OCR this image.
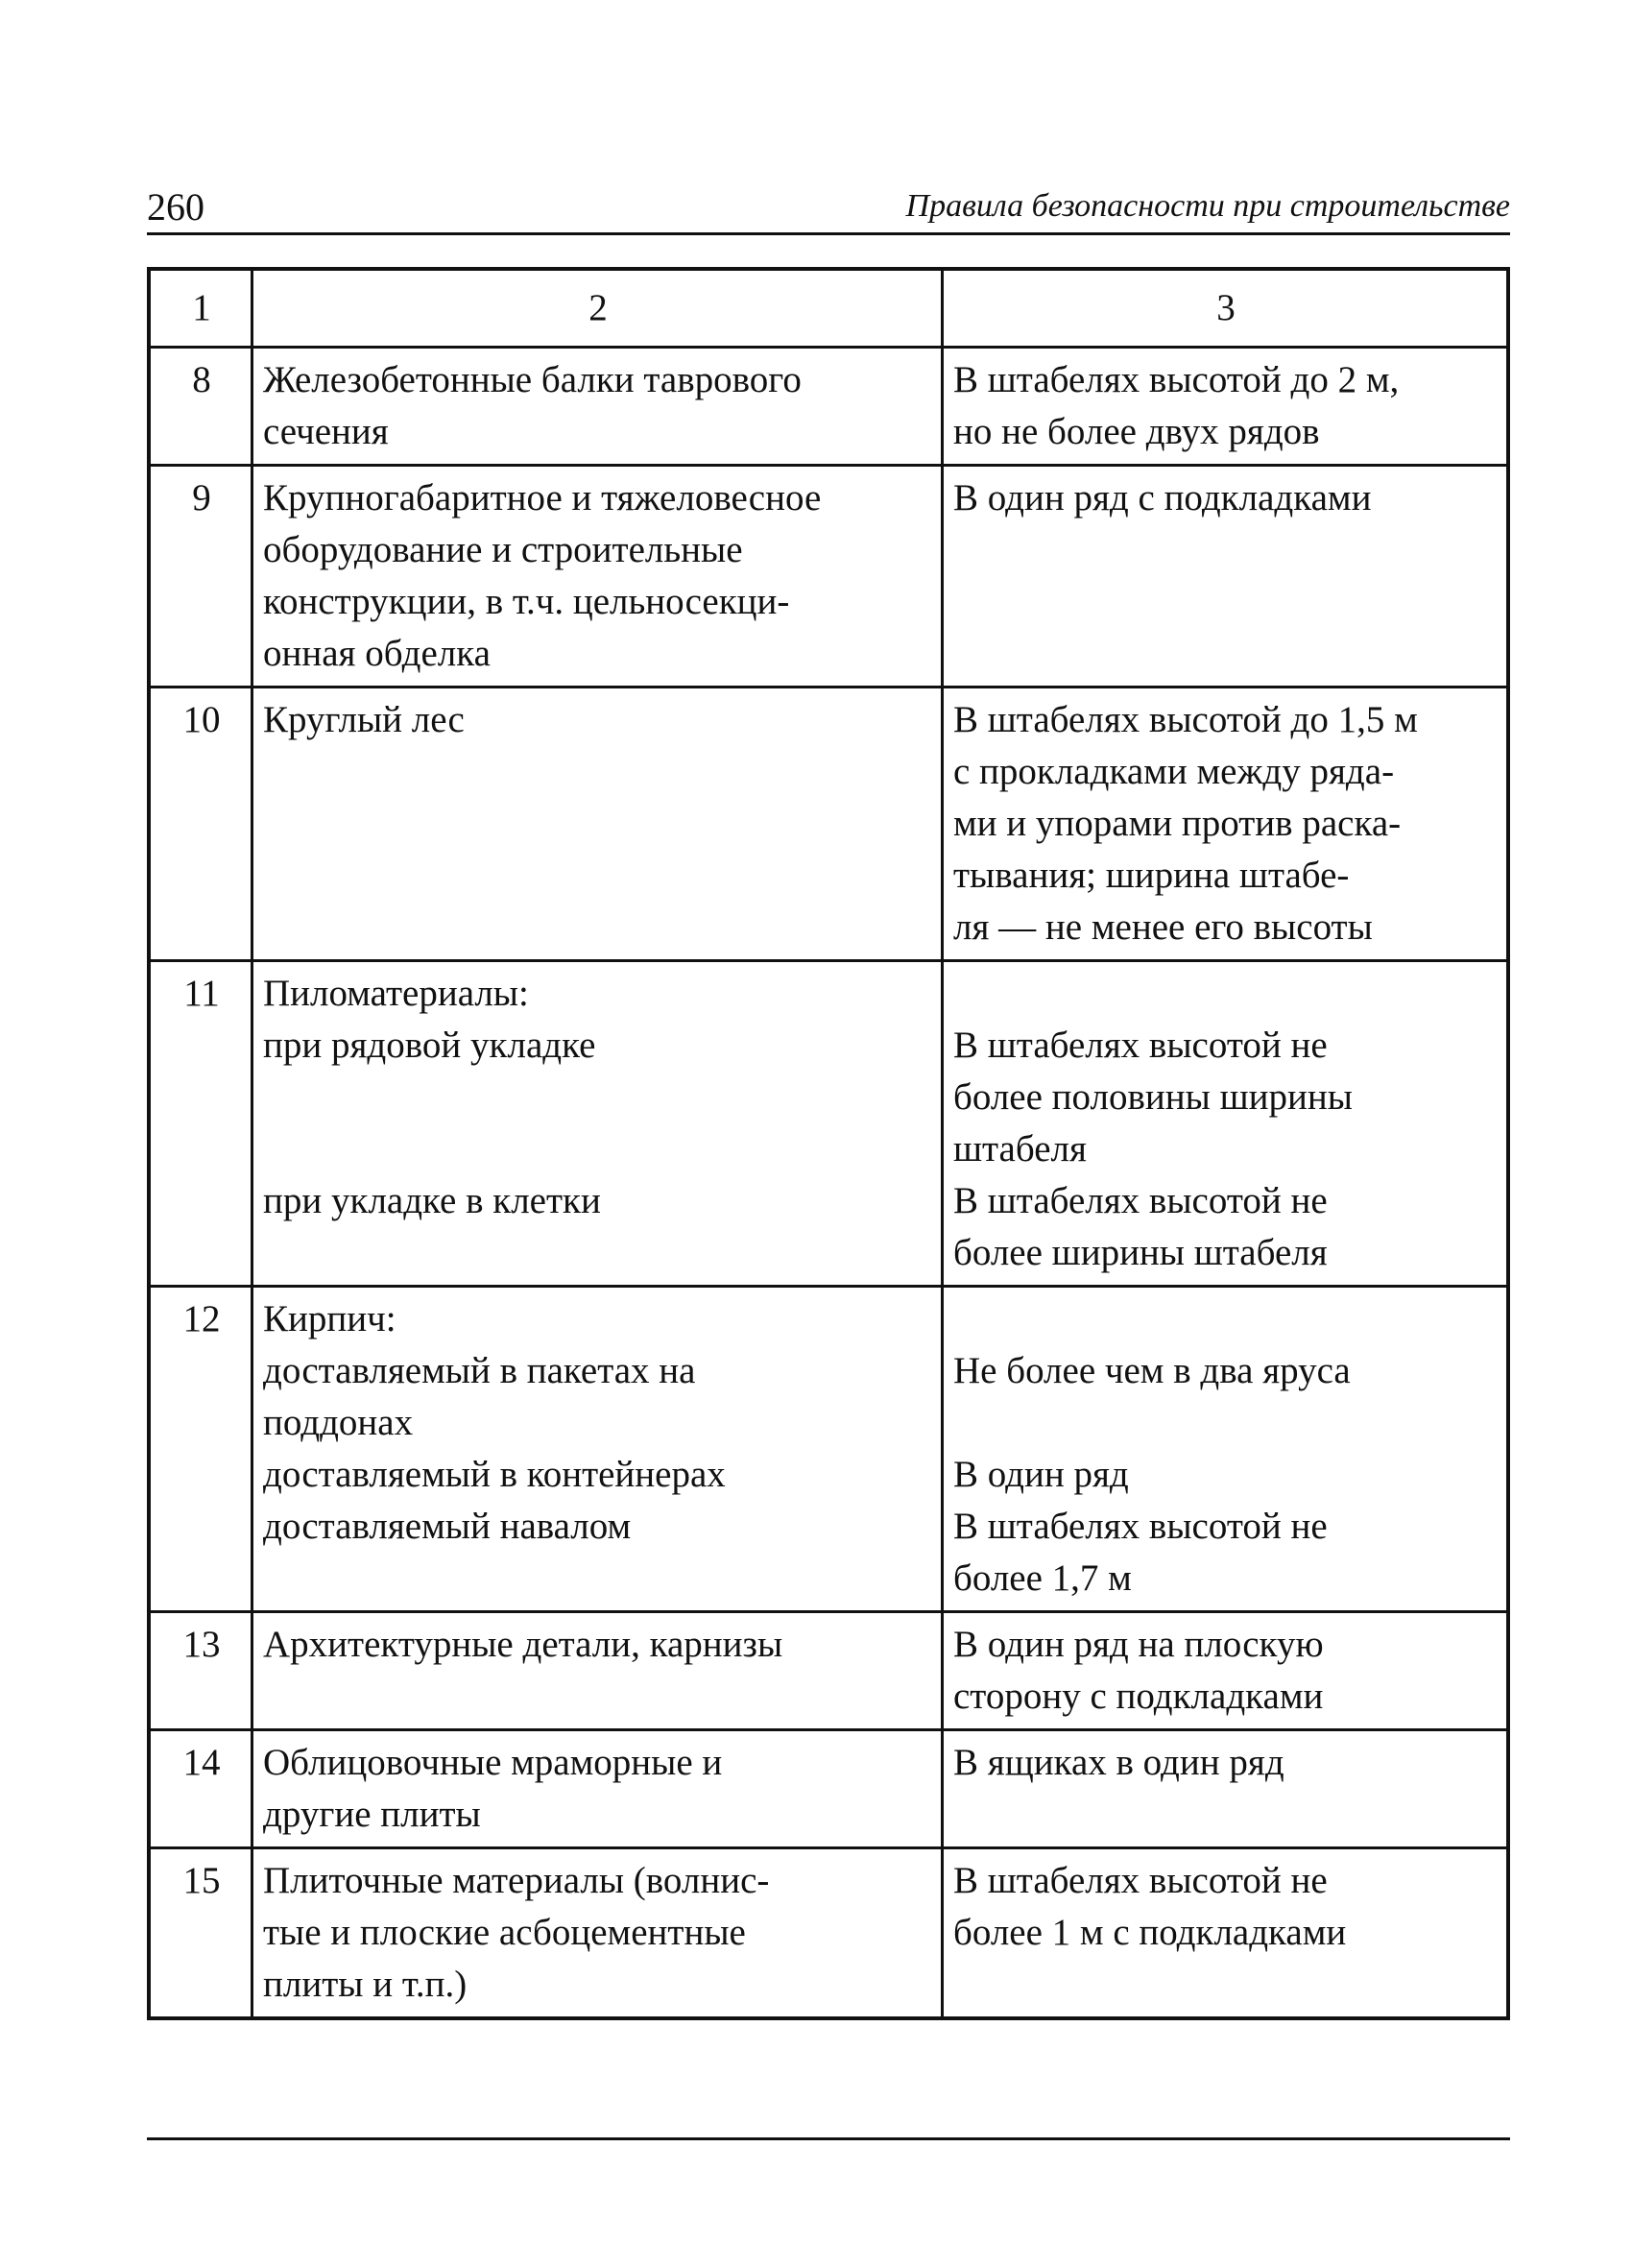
260	Правила безопасности при строительстве
1	2	3
8	Железобетонные балки таврового
сечения	В штабелях высотой до 2 м,
но не более двух рядов

9	Крупногабаритное и тяжеловесное
оборудование и строительные
конструкции, в т.ч. цельносекци-
онная обделка	В один ряд с подкладками

10	Круглый лес	В штабелях высотой до 1,5 м
с прокладками между ряда-
ми и упорами против раска-
тывания; ширина штабе-
ля — не менее его высоты

11	Пиломатериалы:
при рядовой укладке
при укладке в клетки	В штабелях высотой не
более половины ширины
штабеля
В штабелях высотой не
более ширины штабеля

12	Кирпич:
доставляемый в пакетах на
поддонах
доставляемый в контейнерах
доставляемый навалом	Не более чем в два яруса
В один ряд
В штабелях высотой не
более 1,7 м

13	Архитектурные детали, карнизы	В один ряд на плоскую
сторону с подкладками

14	Облицовочные мраморные и
другие плиты	В ящиках в один ряд

15	Плиточные материалы (волнис-
тые и плоские асбоцементные
плиты и т.п.)	В штабелях высотой не
более 1 м с подкладками
